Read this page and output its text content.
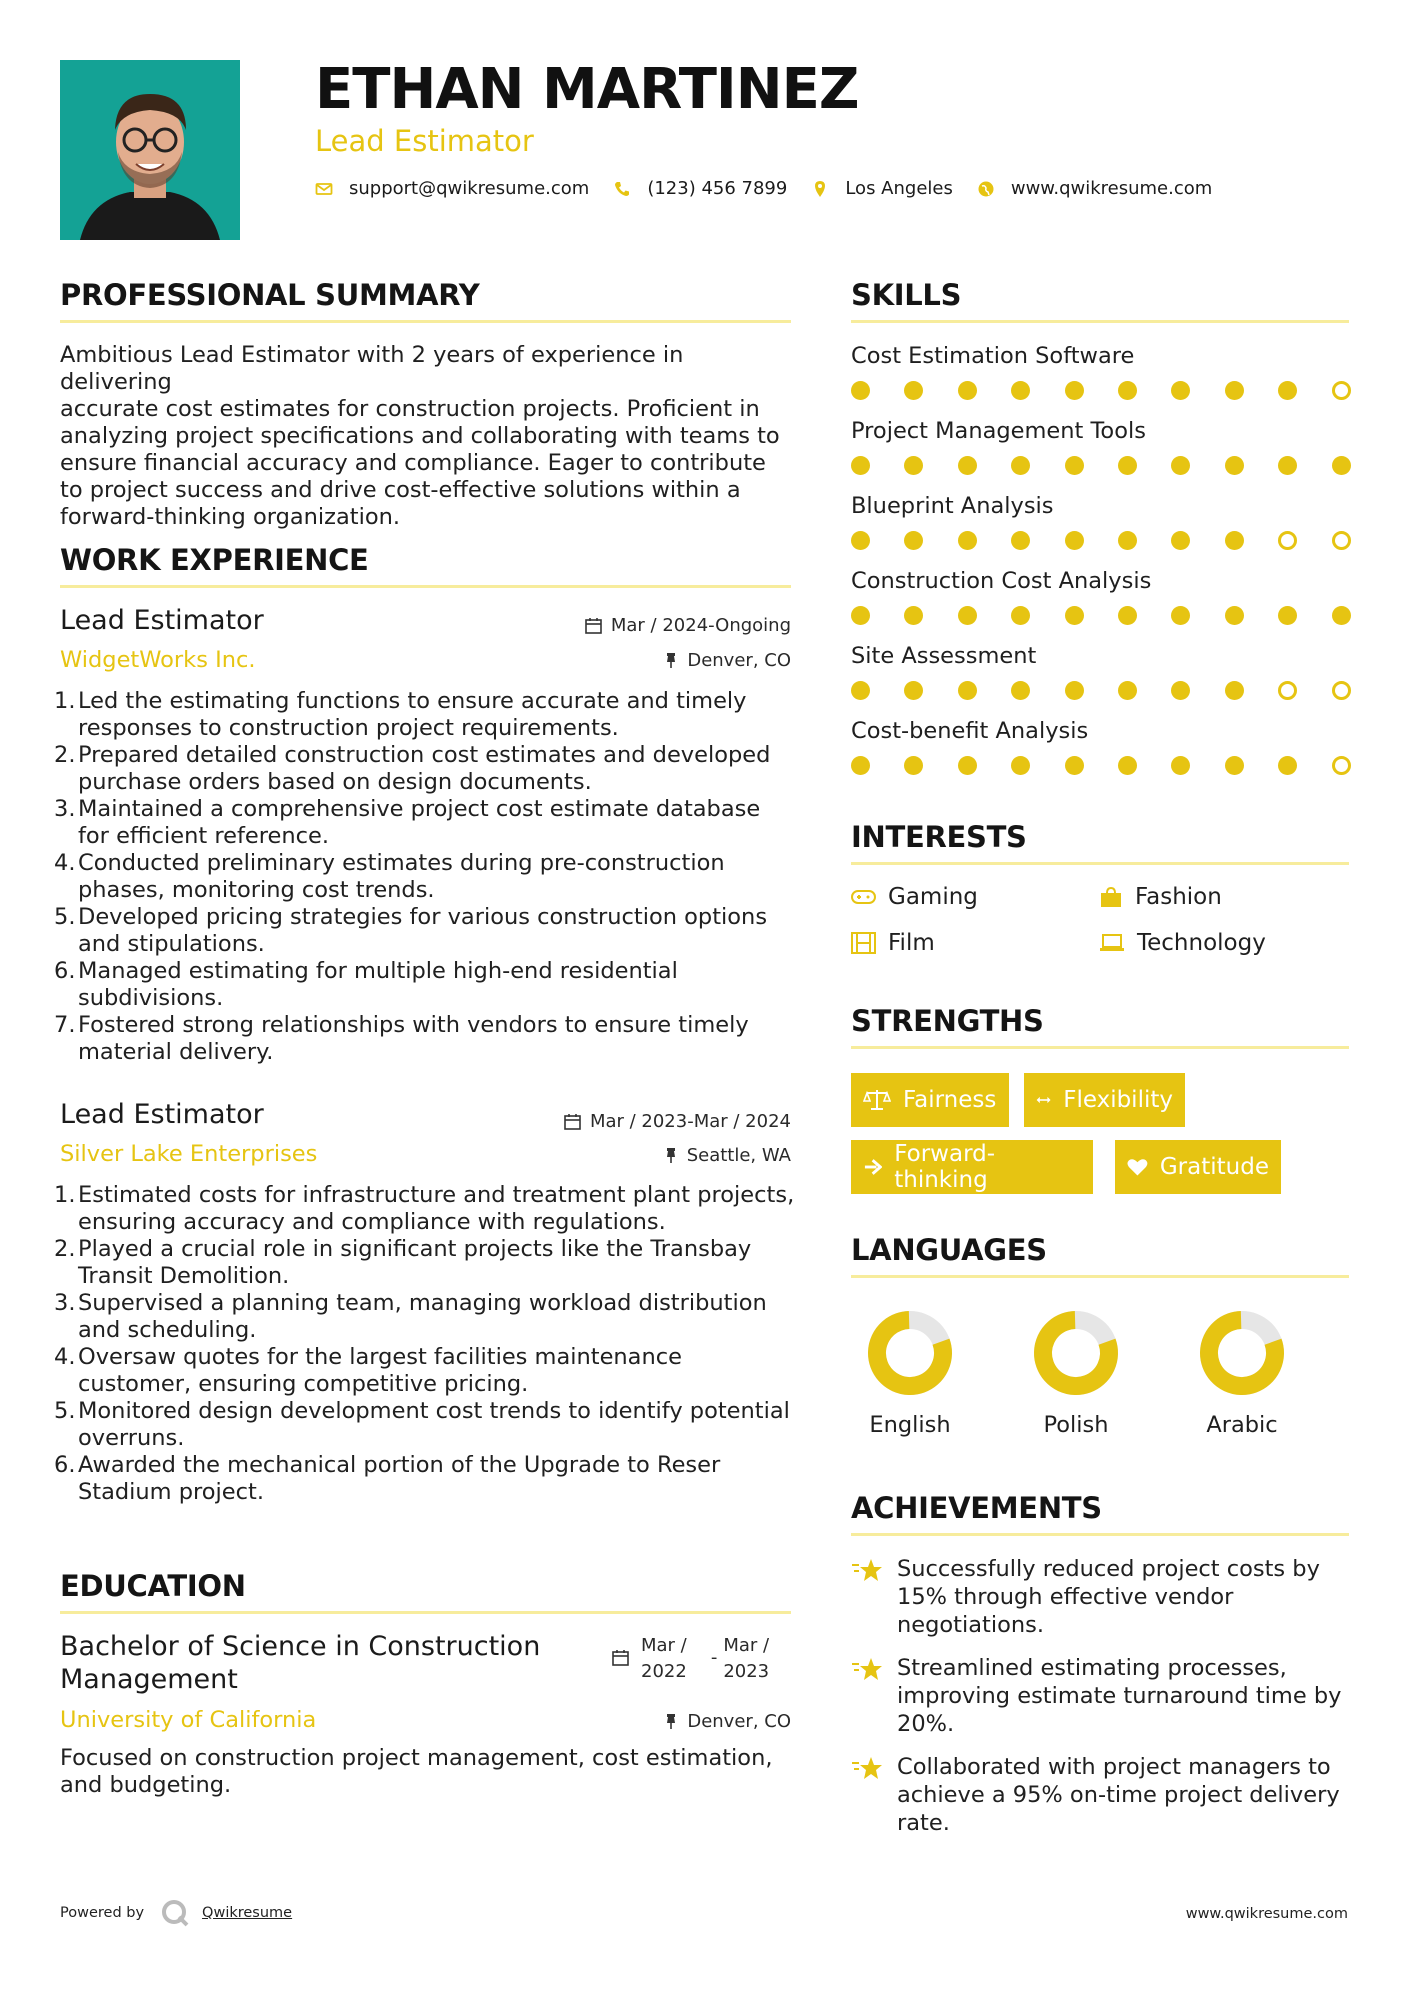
ETHAN MARTINEZ
Lead Estimator
support@qwikresume.com	(123) 456 7899	Los Angeles	www.qwikresume.com
PROFESSIONAL SUMMARY
Ambitious Lead Estimator with 2 years of experience in delivering
accurate cost estimates for construction projects. Proficient in
analyzing project specifications and collaborating with teams to
ensure financial accuracy and compliance. Eager to contribute
to project success and drive cost-effective solutions within a
forward-thinking organization.
WORK EXPERIENCE
Lead Estimator	Mar / 2024-Ongoing
WidgetWorks Inc.	Denver, CO
1. Led the estimating functions to ensure accurate and timely
responses to construction project requirements.
2. Prepared detailed construction cost estimates and developed
purchase orders based on design documents.
3. Maintained a comprehensive project cost estimate database
for efficient reference.
4. Conducted preliminary estimates during pre-construction
phases, monitoring cost trends.
5. Developed pricing strategies for various construction options
and stipulations.
6. Managed estimating for multiple high-end residential
subdivisions.
7. Fostered strong relationships with vendors to ensure timely
material delivery.
Lead Estimator	Mar / 2023-Mar / 2024
Silver Lake Enterprises	Seattle, WA
1. Estimated costs for infrastructure and treatment plant projects,
ensuring accuracy and compliance with regulations.
2. Played a crucial role in significant projects like the Transbay
Transit Demolition.
3. Supervised a planning team, managing workload distribution
and scheduling.
4. Oversaw quotes for the largest facilities maintenance
customer, ensuring competitive pricing.
5. Monitored design development cost trends to identify potential
overruns.
6. Awarded the mechanical portion of the Upgrade to Reser
Stadium project.
EDUCATION
Bachelor of Science in Construction
Management
Mar /
2022
-
Mar /
2023
University of California	Denver, CO
Focused on construction project management, cost estimation,
and budgeting.
SKILLS
Cost Estimation Software
Project Management Tools
Blueprint Analysis
Construction Cost Analysis
Site Assessment
Cost-benefit Analysis
INTERESTS
Gaming	Fashion
Film	Technology
STRENGTHS
Fairness	Flexibility
Forward-thinking	Gratitude
LANGUAGES
English	Polish	Arabic
ACHIEVEMENTS
Successfully reduced project costs by
15% through effective vendor
negotiations.
Streamlined estimating processes,
improving estimate turnaround time by
20%.
Collaborated with project managers to
achieve a 95% on-time project delivery
rate.
Powered by	Qwikresume	www.qwikresume.com
